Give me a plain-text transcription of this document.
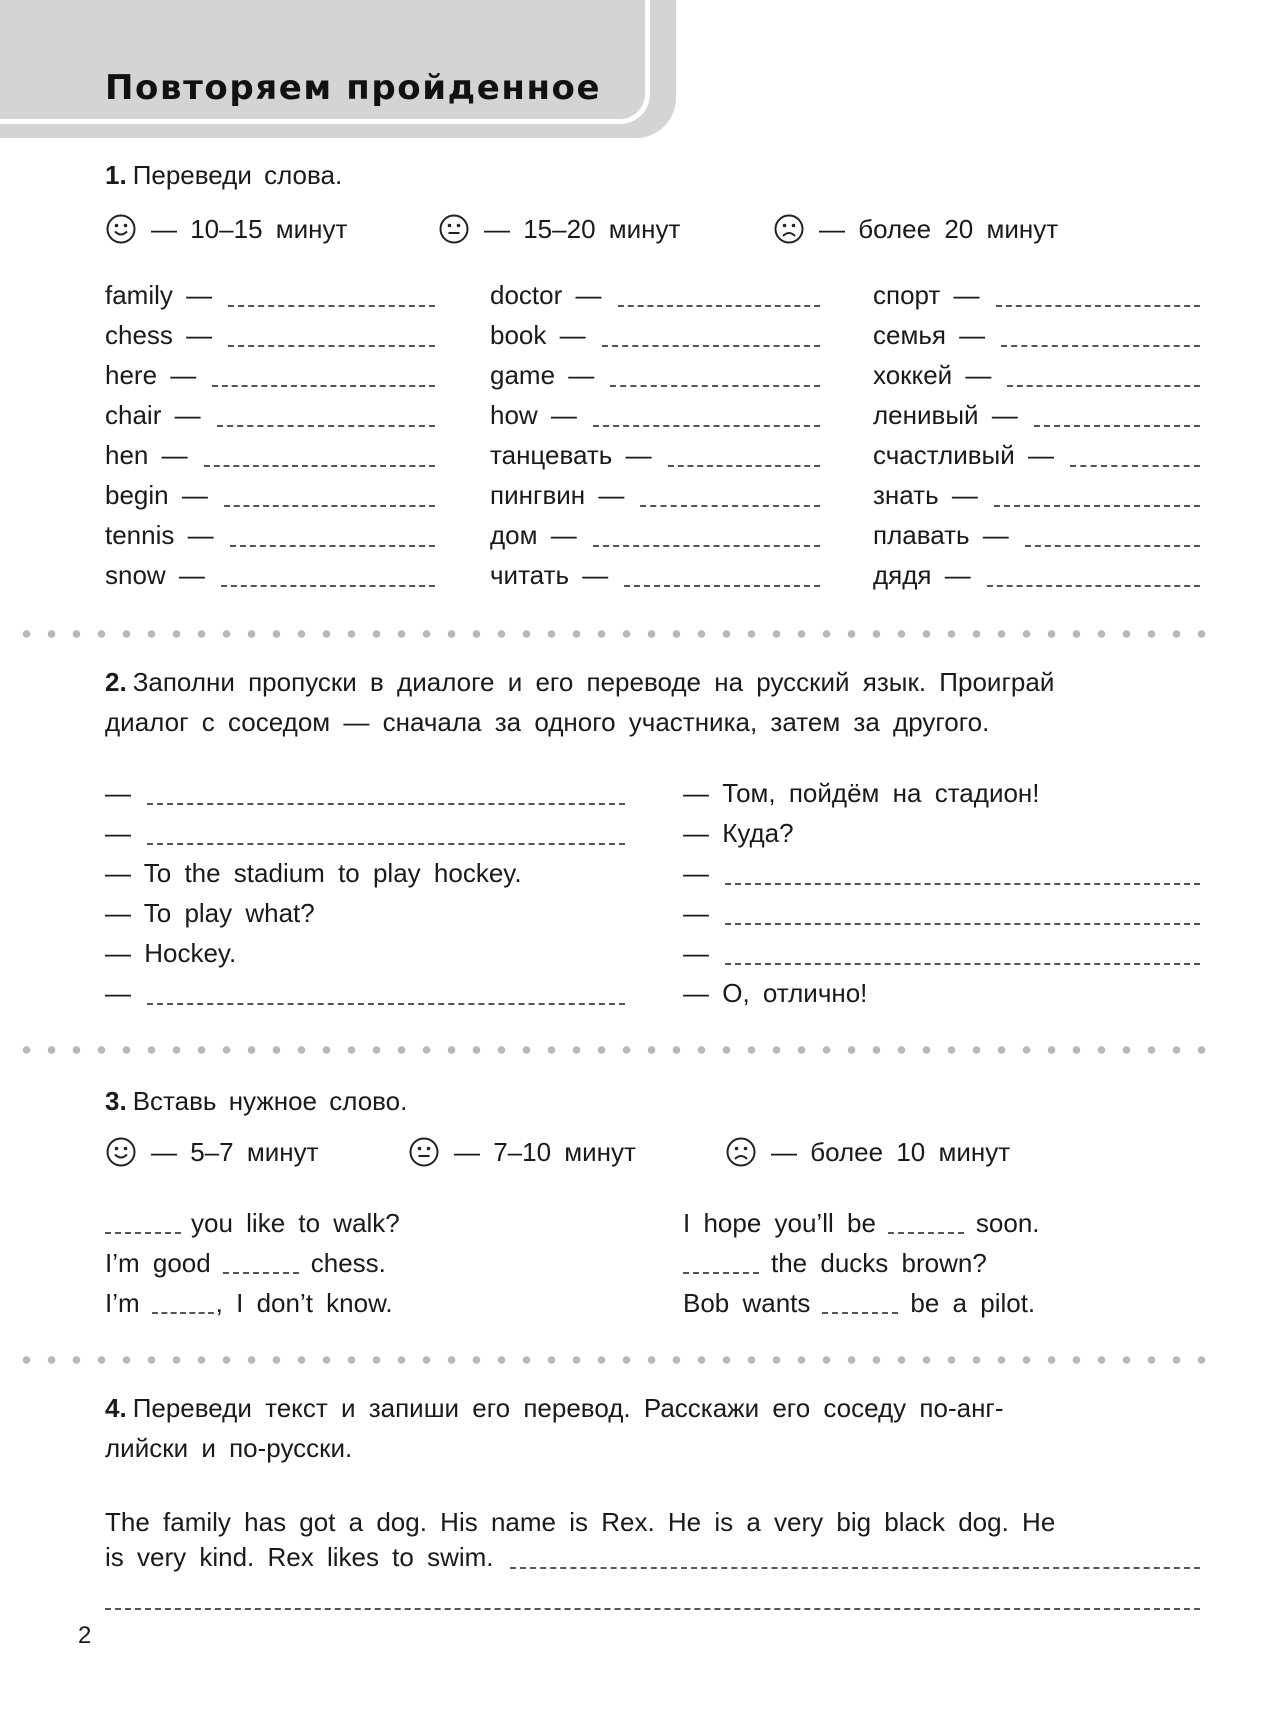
Повторяем пройденное

1. Переведи слова.

— 10–15 минут	— 15–20 минут	— более 20 минут
family —
chess —
here —
chair —
hen —
begin —
tennis —
snow —
doctor —
book —
game —
how —
танцевать —
пингвин —
дом —
читать —
спорт —
семья —
хоккей —
ленивый —
счастливый —
знать —
плавать —
дядя —

2. Заполни пропуски в диалоге и его переводе на русский язык. Проиграй
диалог с соседом — сначала за одного участника, затем за другого.

—
—
— To the stadium to play hockey.
— To play what?
— Hockey.
—
— Том, пойдём на стадион!
— Куда?
—
—
—
— О, отлично!

3. Вставь нужное слово.

— 5–7 минут	— 7–10 минут	— более 10 минут
you like to walk?
I’m good	chess.
I’m	, I don’t know.
I hope you’ll be	soon.
the ducks brown?
Bob wants	be a pilot.

4. Переведи текст и запиши его перевод. Расскажи его соседу по-анг-
лийски и по-русски.

The family has got a dog. His name is Rex. He is a very big black dog. He

is very kind. Rex likes to swim.

2
